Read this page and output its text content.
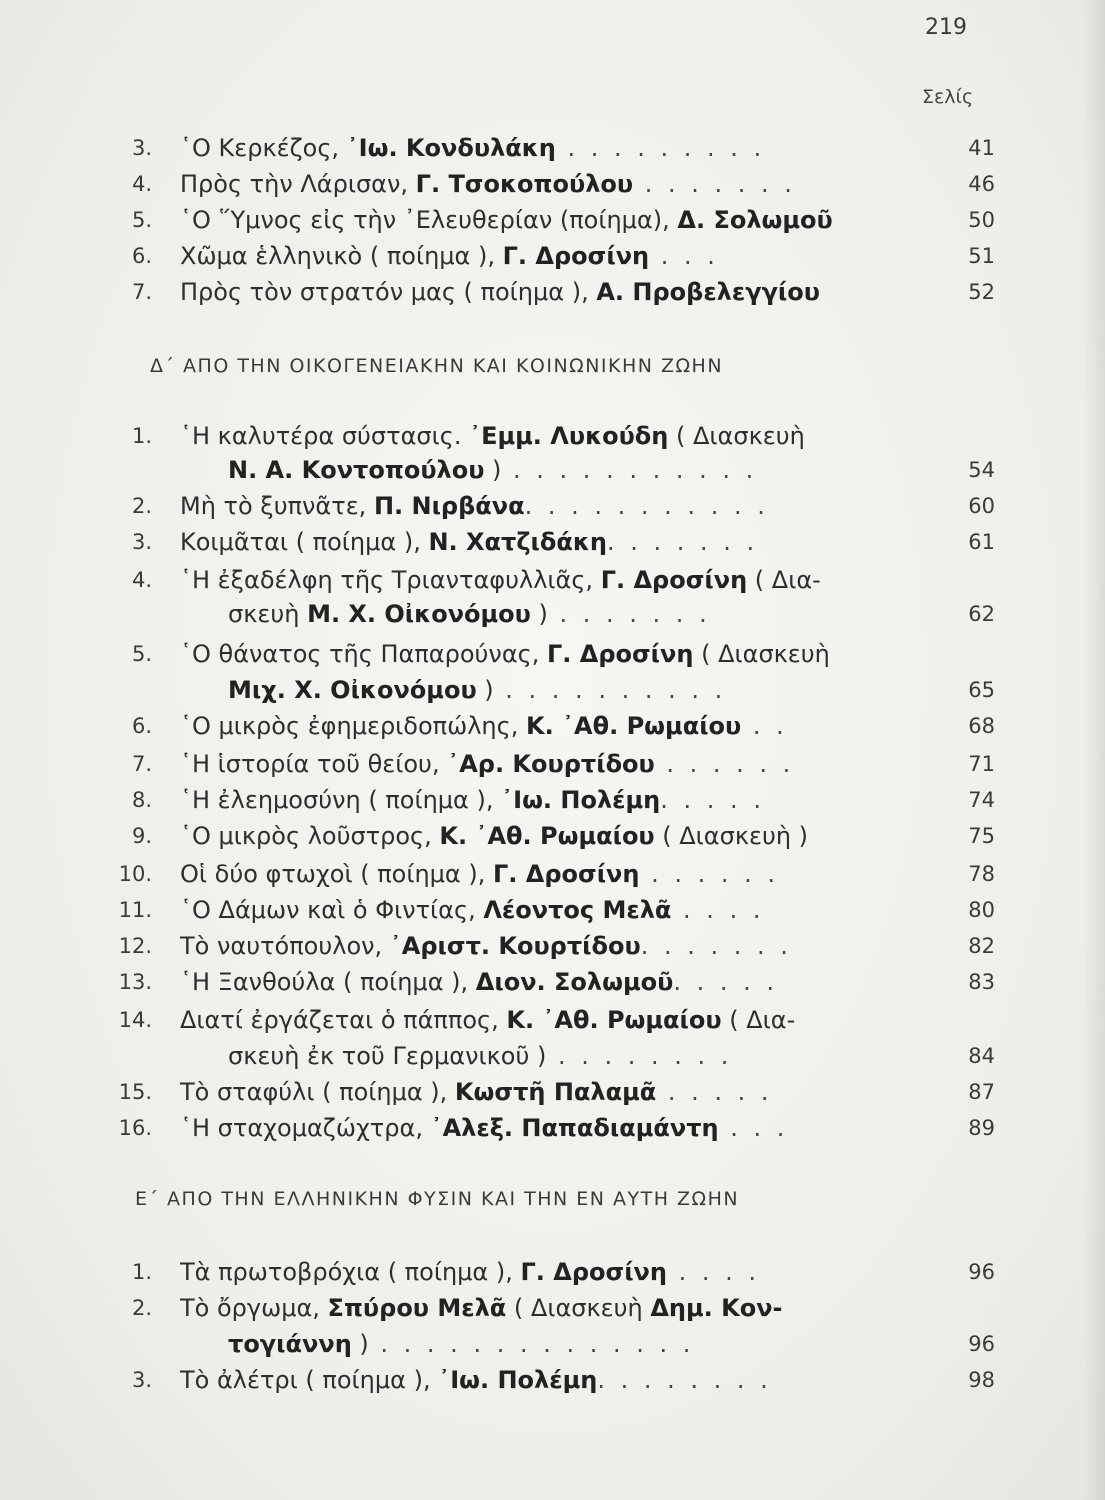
219
Σελίς
3. ῾Ο Κερκέζος, ᾿Ιω. Κονδυλάκη . . . . . . . . .	41
4. Πρὸς τὴν Λάρισαν, Γ. Τσοκοπούλου . . . . . . .	46
5. ῾Ο ῞Υμνος εἰς τὴν ᾿Ελευθερίαν (ποίημα), Δ. Σολωμοῦ	50
6. Χῶμα ἑλληνικὸ ( ποίημα ), Γ. Δροσίνη . . .	51
7. Πρὸς τὸν στρατόν μας ( ποίημα ), Α. Προβελεγγίου	52
Δ΄ ΑΠΟ ΤΗΝ ΟΙΚΟΓΕΝΕΙΑΚΗΝ ΚΑΙ ΚΟΙΝΩΝΙΚΗΝ ΖΩΗΝ
1. ῾Η καλυτέρα σύστασις. ᾿Εμμ. Λυκούδη ( Διασκευὴ
Ν. Α. Κοντοπούλου ) . . . . . . . . . . .	54
2. Μὴ τὸ ξυπνᾶτε, Π. Νιρβάνα. . . . . . . . . . .	60
3. Κοιμᾶται ( ποίημα ), Ν. Χατζιδάκη. . . . . . .	61
4. ῾Η ἐξαδέλφη τῆς Τριανταφυλλιᾶς, Γ. Δροσίνη ( Δια-
σκευὴ Μ. Χ. Οἰκονόμου ) . . . . . . .	62
5. ῾Ο θάνατος τῆς Παπαρούνας, Γ. Δροσίνη ( Διασκευὴ
Μιχ. Χ. Οἰκονόμου ) . . . . . . . . . .	65
6. ῾Ο μικρὸς ἐφημεριδοπώλης, Κ. ᾿Αθ. Ρωμαίου . .	68
7. ῾Η ἱστορία τοῦ θείου, ᾿Αρ. Κουρτίδου . . . . . .	71
8. ῾Η ἐλεημοσύνη ( ποίημα ), ᾿Ιω. Πολέμη. . . . .	74
9. ῾Ο μικρὸς λοῦστρος, Κ. ᾿Αθ. Ρωμαίου ( Διασκευὴ )	75
10. Οἱ δύο φτωχοὶ ( ποίημα ), Γ. Δροσίνη . . . . . .	78
11. ῾Ο Δάμων καὶ ὁ Φιντίας, Λέοντος Μελᾶ . . . .	80
12. Τὸ ναυτόπουλον, ᾿Αριστ. Κουρτίδου. . . . . . .	82
13. ῾Η Ξανθούλα ( ποίημα ), Διον. Σολωμοῦ. . . . .	83
14. Διατί ἐργάζεται ὁ πάππος, Κ. ᾿Αθ. Ρωμαίου ( Δια-
σκευὴ ἐκ τοῦ Γερμανικοῦ ) . . . . . . . .	84
15. Τὸ σταφύλι ( ποίημα ), Κωστῆ Παλαμᾶ . . . . .	87
16. ῾Η σταχομαζώχτρα, ᾿Αλεξ. Παπαδιαμάντη . . .	89
Ε΄ ΑΠΟ ΤΗΝ ΕΛΛΗΝΙΚΗΝ ΦΥΣΙΝ ΚΑΙ ΤΗΝ ΕΝ ΑΥΤΗ ΖΩΗΝ
1. Τὰ πρωτοβρόχια ( ποίημα ), Γ. Δροσίνη . . . .	96
2. Τὸ ὄργωμα, Σπύρου Μελᾶ ( Διασκευὴ Δημ. Κον-
τογιάννη ) . . . . . . . . . . . . . .	96
3. Τὸ ἀλέτρι ( ποίημα ), ᾿Ιω. Πολέμη. . . . . . . .	98
